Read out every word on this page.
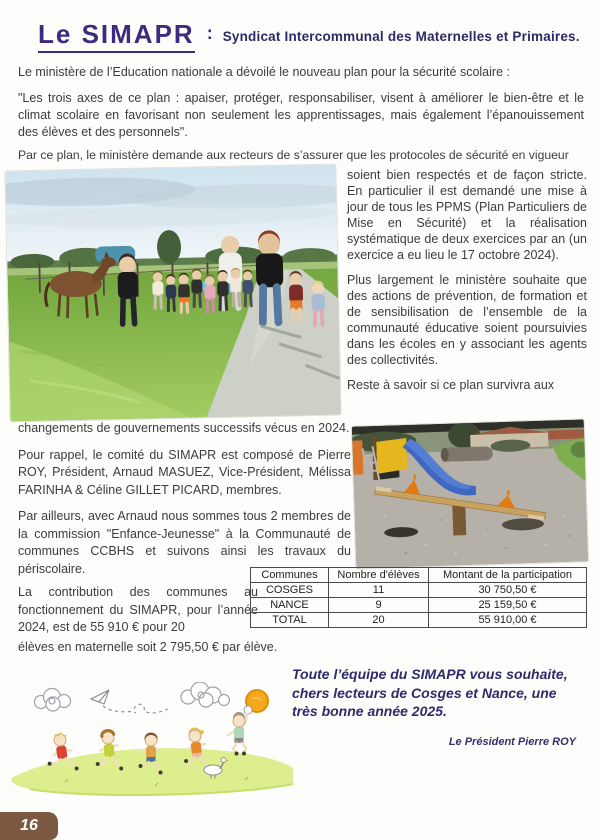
Le SIMAPR : Syndicat Intercommunal des Maternelles et Primaires.

Le ministère de l’Education nationale a dévoilé le nouveau plan pour la sécurité scolaire :

"Les trois axes de ce plan : apaiser, protéger, responsabiliser, visent à améliorer le bien-être et le climat scolaire en favorisant non seulement les apprentissages, mais également l’épanouissement des élèves et des personnels".

Par ce plan, le ministère demande aux recteurs de s’assurer que les protocoles de sécurité en vigueur

soient bien respectés et de façon stricte. En particulier il est demandé une mise à jour de tous les PPMS (Plan Particuliers de Mise en Sécurité) et la réalisation systématique de deux exercices par an (un exercice a eu lieu le 17 octobre 2024).

Plus largement le ministère souhaite que des actions de prévention, de formation et de sensibilisation de l’ensemble de la communauté éducative soient poursuivies dans les écoles en y associant les agents des collectivités.

Reste à savoir si ce plan survivra aux

changements de gouvernements successifs vécus en 2024.

Pour rappel, le comité du SIMAPR est composé de Pierre ROY, Président, Arnaud MASUEZ, Vice-Président, Mélissa FARINHA & Céline GILLET PICARD, membres.

Par ailleurs, avec Arnaud nous sommes tous 2 membres de la commission "Enfance-Jeunesse" à la Communauté de communes CCBHS et suivons ainsi les travaux du périscolaire.

La contribution des communes au fonctionnement du SIMAPR, pour l’année 2024, est de 55 910 € pour 20

élèves en maternelle soit 2 795,50 € par élève.

Communes	Nombre d'élèves	Montant de la participation
COSGES	11	30 750,50 €
NANCE	9	25 159,50 €
TOTAL	20	55 910,00 €

Toute l’équipe du SIMAPR vous souhaite, chers lecteurs de Cosges et Nance, une très bonne année 2025.

Le Président Pierre ROY

16
